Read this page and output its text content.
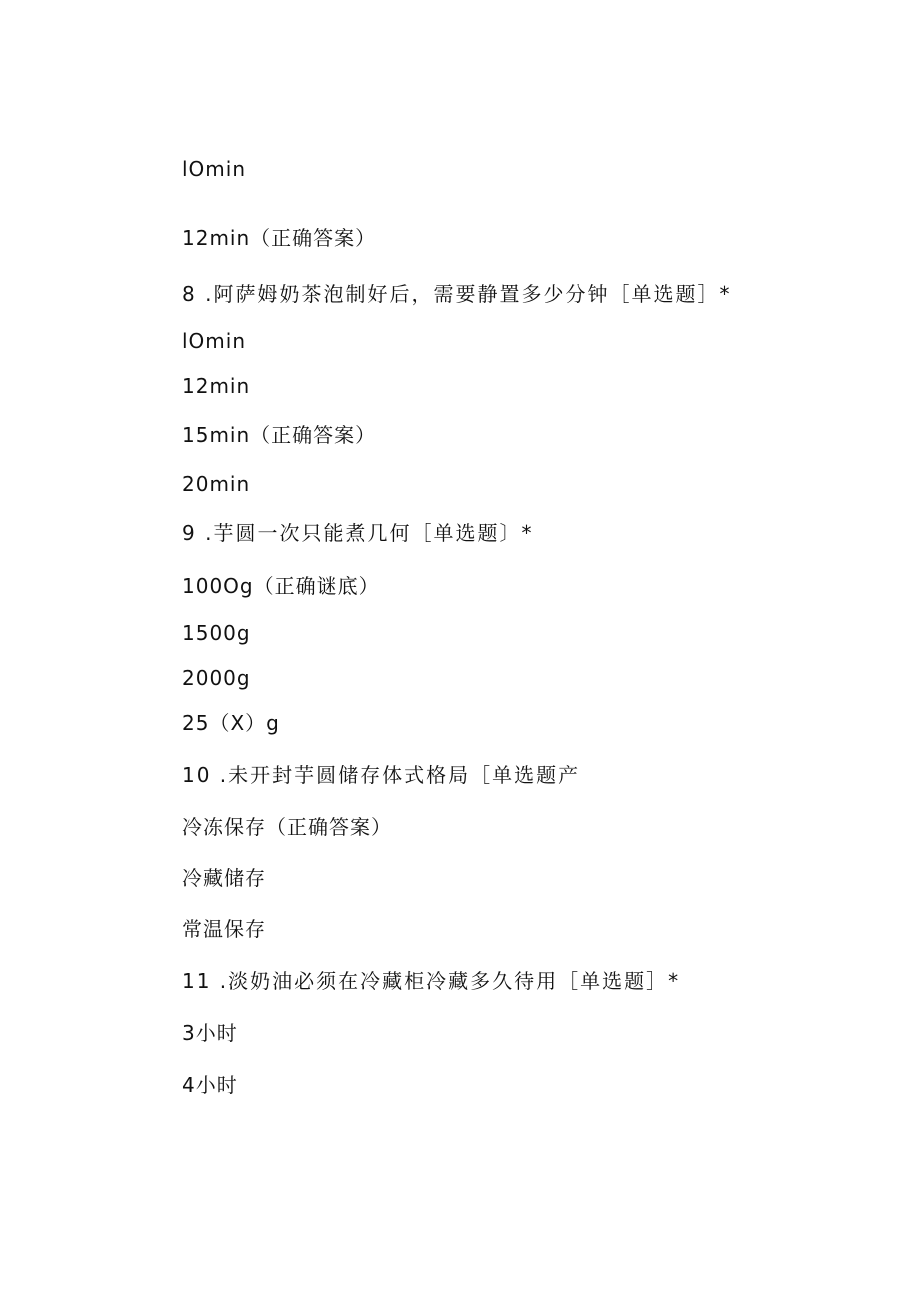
lOmin
12min（正确答案）
8 .阿萨姆奶茶泡制好后，需要静置多少分钟［单选题］*
lOmin
12min
15min（正确答案）
20min
9 .芋圆一次只能煮几何［单选题〕*
100Og（正确谜底）
1500g
2000g
25（X）g
10 .未开封芋圆储存体式格局［单选题产
冷冻保存（正确答案）
冷藏储存
常温保存
11 .淡奶油必须在冷藏柜冷藏多久待用［单选题］*
3小时
4小时
